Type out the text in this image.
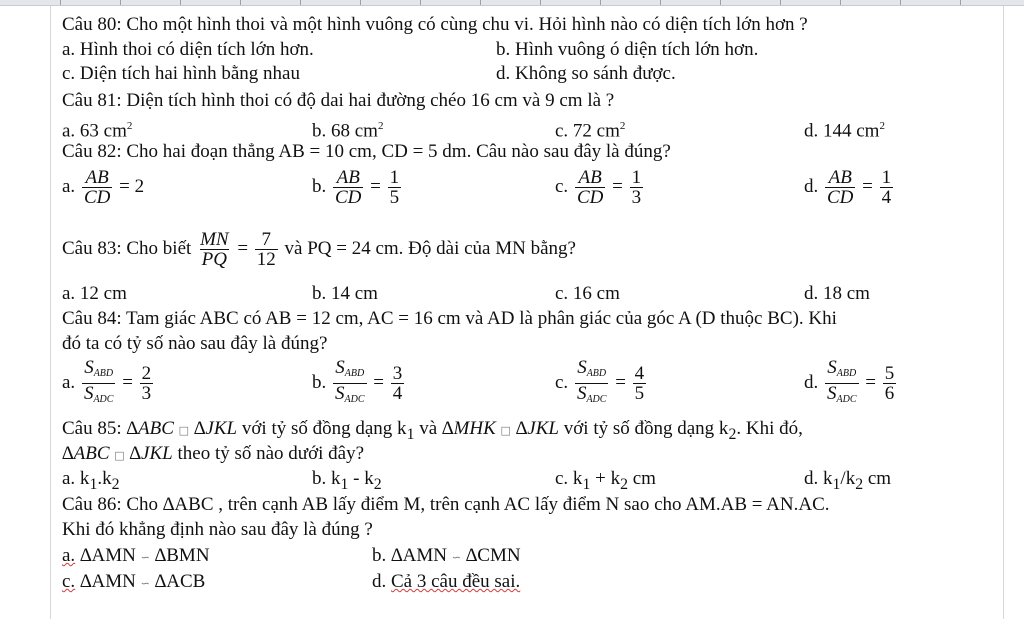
Câu 80: Cho một hình thoi và một hình vuông có cùng chu vi. Hỏi hình nào có diện tích lớn hơn ?
a. Hình thoi có diện tích lớn hơn.	b. Hình vuông ó diện tích lớn hơn.
c. Diện tích hai hình bằng nhau	d. Không so sánh được.
Câu 81: Diện tích hình thoi có độ dai hai đường chéo 16 cm và 9 cm là ?
a. 63 $cm^2$	b. 68 $cm^2$	c. 72 $cm^2$	d. 144 $cm^2$
Câu 82: Cho hai đoạn thẳng AB = 10 cm, CD = 5 dm. Câu nào sau đây là đúng?
a. $\frac{AB}{CD} = 2$	b. $\frac{AB}{CD} = \frac{1}{5}$	c. $\frac{AB}{CD} = \frac{1}{3}$	d. $\frac{AB}{CD} = \frac{1}{4}$
Câu 83: Cho biết $\frac{MN}{PQ} = \frac{7}{12}$ và PQ = 24 cm. Độ dài của MN bằng?
a. 12 cm	b. 14 cm	c. 16 cm	d. 18 cm
Câu 84: Tam giác ABC có AB = 12 cm, AC = 16 cm và AD là phân giác của góc A (D thuộc BC). Khi
đó ta có tỷ số nào sau đây là đúng?
a. $\frac{S_{ABD}}{S_{ADC}} = \frac{2}{3}$	b. $\frac{S_{ABD}}{S_{ADC}} = \frac{3}{4}$	c. $\frac{S_{ABD}}{S_{ADC}} = \frac{4}{5}$	d. $\frac{S_{ABD}}{S_{ADC}} = \frac{5}{6}$
Câu 85: ∆ABC □ ∆JKL với tỷ số đồng dạng $k_1$ và ∆MHK □ ∆JKL với tỷ số đồng dạng $k_2$. Khi đó,
∆ABC □ ∆JKL theo tỷ số nào dưới đây?
a. $k_1.k_2$	b. $k_1 - k_2$	c. $k_1 + k_2$ cm	d. $k_1/k_2$ cm
Câu 86: Cho ∆ABC , trên cạnh AB lấy điểm M, trên cạnh AC lấy điểm N sao cho AM.AB = AN.AC.
Khi đó khẳng định nào sau đây là đúng ?
a. ∆AMN ∽ ∆BMN	b. ∆AMN ∽ ∆CMN
c. ∆AMN ∽ ∆ACB	d. Cả 3 câu đều sai.
